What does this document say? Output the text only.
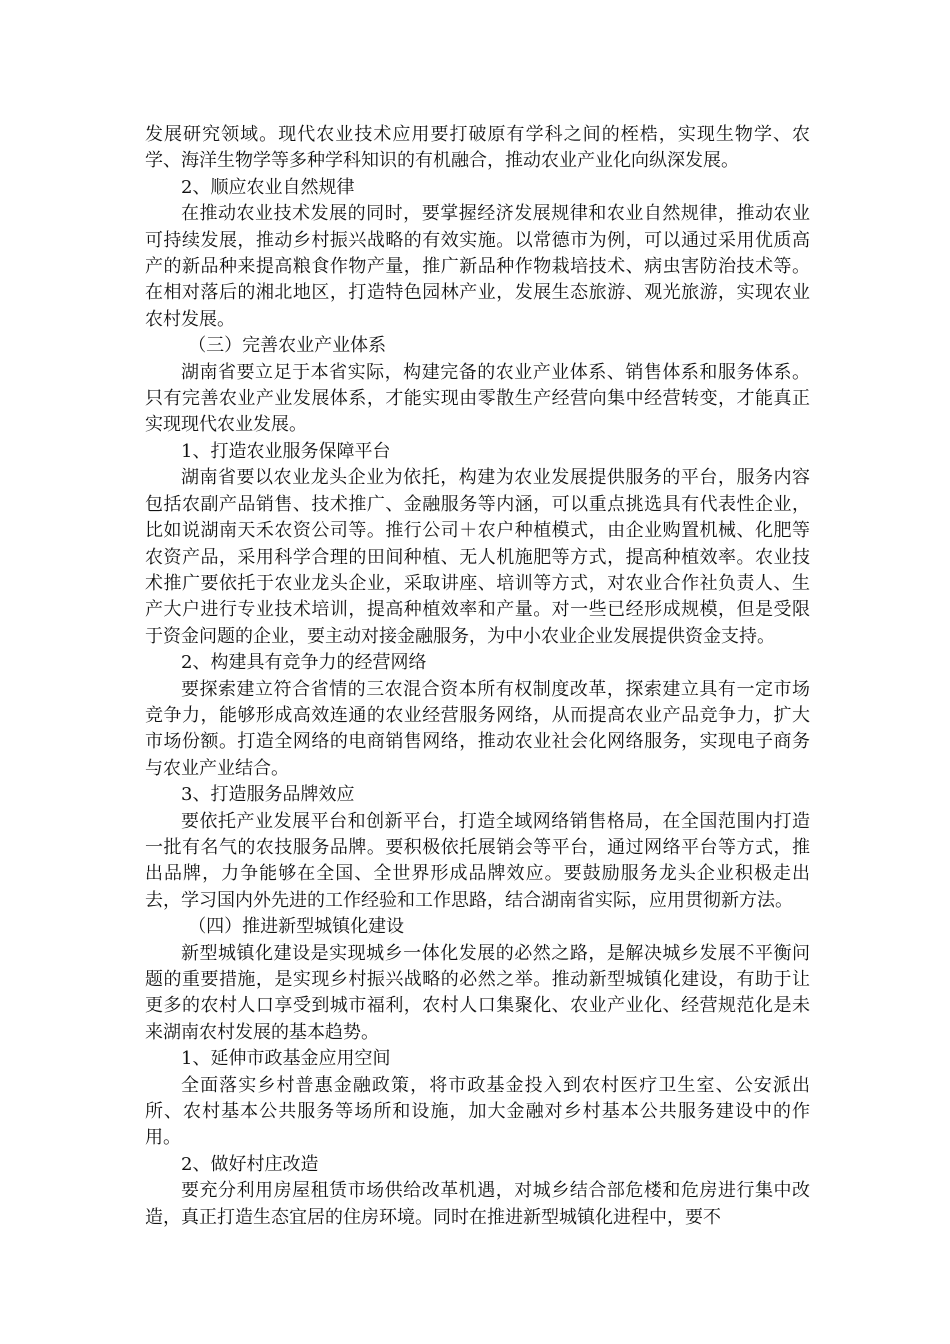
发展研究领域。现代农业技术应用要打破原有学科之间的桎梏，实现生物学、农学、海洋生物学等多种学科知识的有机融合，推动农业产业化向纵深发展。

2、顺应农业自然规律

在推动农业技术发展的同时，要掌握经济发展规律和农业自然规律，推动农业可持续发展，推动乡村振兴战略的有效实施。以常德市为例，可以通过采用优质高产的新品种来提高粮食作物产量，推广新品种作物栽培技术、病虫害防治技术等。在相对落后的湘北地区，打造特色园林产业，发展生态旅游、观光旅游，实现农业农村发展。

（三）完善农业产业体系

湖南省要立足于本省实际，构建完备的农业产业体系、销售体系和服务体系。只有完善农业产业发展体系，才能实现由零散生产经营向集中经营转变，才能真正实现现代农业发展。

1、打造农业服务保障平台

湖南省要以农业龙头企业为依托，构建为农业发展提供服务的平台，服务内容包括农副产品销售、技术推广、金融服务等内涵，可以重点挑选具有代表性企业，比如说湖南天禾农资公司等。推行公司＋农户种植模式，由企业购置机械、化肥等农资产品，采用科学合理的田间种植、无人机施肥等方式，提高种植效率。农业技术推广要依托于农业龙头企业，采取讲座、培训等方式，对农业合作社负责人、生产大户进行专业技术培训，提高种植效率和产量。对一些已经形成规模，但是受限于资金问题的企业，要主动对接金融服务，为中小农业企业发展提供资金支持。

2、构建具有竞争力的经营网络

要探索建立符合省情的三农混合资本所有权制度改革，探索建立具有一定市场竞争力，能够形成高效连通的农业经营服务网络，从而提高农业产品竞争力，扩大市场份额。打造全网络的电商销售网络，推动农业社会化网络服务，实现电子商务与农业产业结合。

3、打造服务品牌效应

要依托产业发展平台和创新平台，打造全域网络销售格局，在全国范围内打造一批有名气的农技服务品牌。要积极依托展销会等平台，通过网络平台等方式，推出品牌，力争能够在全国、全世界形成品牌效应。要鼓励服务龙头企业积极走出去，学习国内外先进的工作经验和工作思路，结合湖南省实际，应用贯彻新方法。

（四）推进新型城镇化建设

新型城镇化建设是实现城乡一体化发展的必然之路，是解决城乡发展不平衡问题的重要措施，是实现乡村振兴战略的必然之举。推动新型城镇化建设，有助于让更多的农村人口享受到城市福利，农村人口集聚化、农业产业化、经营规范化是未来湖南农村发展的基本趋势。

1、延伸市政基金应用空间

全面落实乡村普惠金融政策，将市政基金投入到农村医疗卫生室、公安派出所、农村基本公共服务等场所和设施，加大金融对乡村基本公共服务建设中的作用。

2、做好村庄改造

要充分利用房屋租赁市场供给改革机遇，对城乡结合部危楼和危房进行集中改造，真正打造生态宜居的住房环境。同时在推进新型城镇化进程中，要不
